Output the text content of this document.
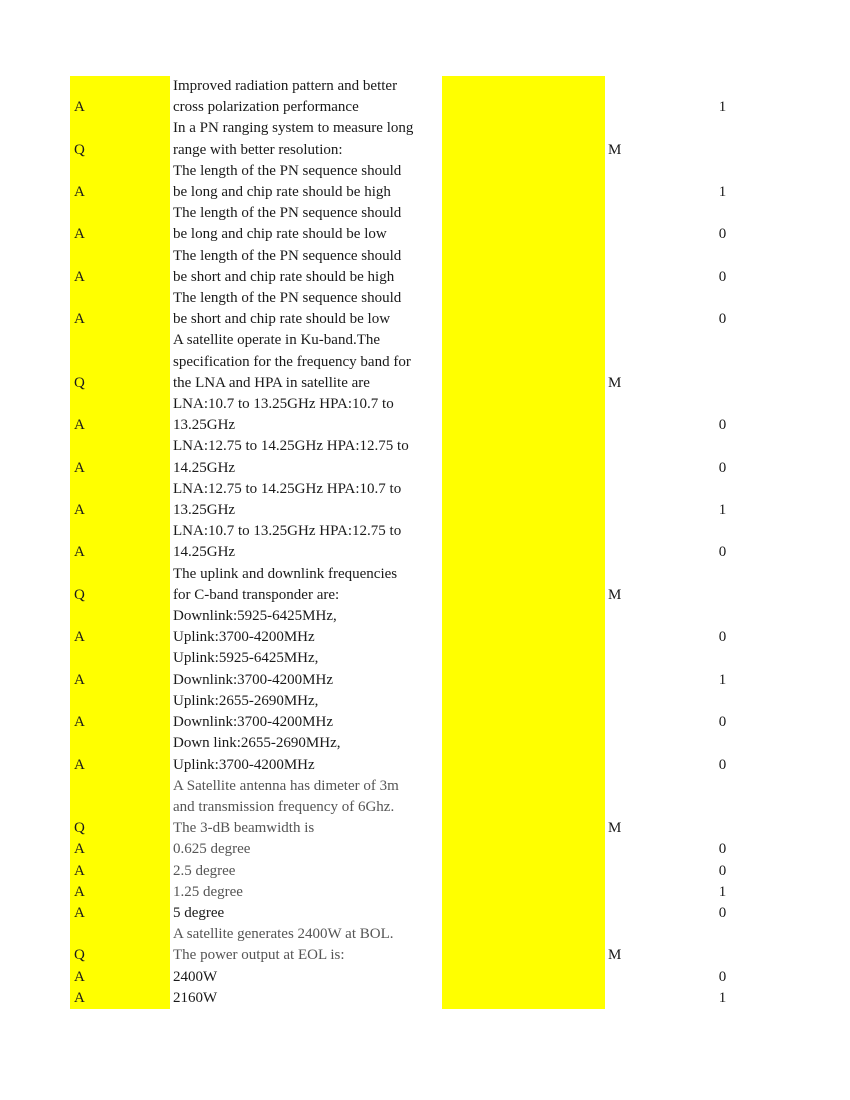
A
Improved radiation pattern and better
cross polarization performance	1
Q
In a PN ranging system to measure long
range with better resolution:	M
A
The length of the PN sequence should
be long and chip rate should be high	1
A
The length of the PN sequence should
be long and chip rate should be low	0
A
The length of the PN sequence should
be short and chip rate should be high	0
A
The length of the PN sequence should
be short and chip rate should be low	0
Q
A satellite operate in Ku-band.The
specification for the frequency band for
the LNA and HPA in satellite are	M
A
LNA:10.7 to 13.25GHz HPA:10.7 to
13.25GHz	0
A
LNA:12.75 to 14.25GHz HPA:12.75 to
14.25GHz	0
A
LNA:12.75 to 14.25GHz HPA:10.7 to
13.25GHz	1
A
LNA:10.7 to 13.25GHz HPA:12.75 to
14.25GHz	0
Q
The uplink and downlink frequencies
for C-band transponder are:	M
A
Downlink:5925-6425MHz,
Uplink:3700-4200MHz	0
A
Uplink:5925-6425MHz,
Downlink:3700-4200MHz	1
A
Uplink:2655-2690MHz,
Downlink:3700-4200MHz	0
A
Down link:2655-2690MHz,
Uplink:3700-4200MHz	0
Q
A Satellite antenna has dimeter of 3m
and transmission frequency of 6Ghz.
The 3-dB beamwidth is	M
A	0.625 degree	0
A	2.5 degree	0
A	1.25 degree	1
A	5 degree	0
Q
A satellite generates 2400W at BOL.
The power output at EOL is:	M
A	2400W	0
A	2160W	1
